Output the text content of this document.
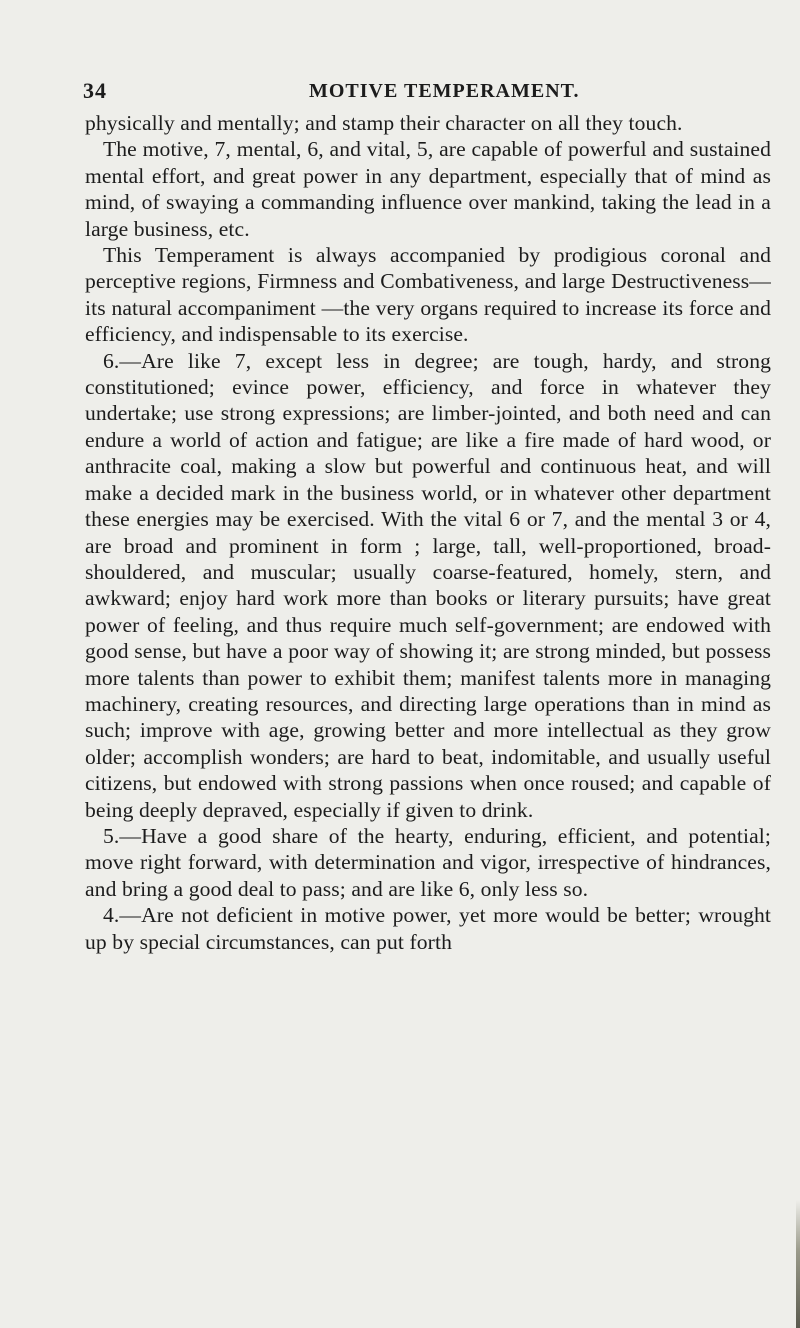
34	MOTIVE TEMPERAMENT.

physically and mentally; and stamp their character on all they touch.

The motive, 7, mental, 6, and vital, 5, are capable of powerful and sustained mental effort, and great power in any department, especially that of mind as mind, of swaying a commanding influence over mankind, taking the lead in a large business, etc.

This Temperament is always accompanied by prodigious coronal and perceptive regions, Firmness and Combativeness, and large Destructiveness—its natural accompaniment —the very organs required to increase its force and efficiency, and indispensable to its exercise.

6.—Are like 7, except less in degree; are tough, hardy, and strong constitutioned; evince power, efficiency, and force in whatever they undertake; use strong expressions; are limber-jointed, and both need and can endure a world of action and fatigue; are like a fire made of hard wood, or anthracite coal, making a slow but powerful and continuous heat, and will make a decided mark in the business world, or in whatever other department these energies may be exercised. With the vital 6 or 7, and the mental 3 or 4, are broad and prominent in form ; large, tall, well-proportioned, broad-shouldered, and muscular; usually coarse-featured, homely, stern, and awkward; enjoy hard work more than books or literary pursuits; have great power of feeling, and thus require much self-government; are endowed with good sense, but have a poor way of showing it; are strong minded, but possess more talents than power to exhibit them; manifest talents more in managing machinery, creating resources, and directing large operations than in mind as such; improve with age, growing better and more intellectual as they grow older; accomplish wonders; are hard to beat, indomitable, and usually useful citizens, but endowed with strong passions when once roused; and capable of being deeply depraved, especially if given to drink.

5.—Have a good share of the hearty, enduring, efficient, and potential; move right forward, with determination and vigor, irrespective of hindrances, and bring a good deal to pass; and are like 6, only less so.

4.—Are not deficient in motive power, yet more would be better; wrought up by special circumstances, can put forth
